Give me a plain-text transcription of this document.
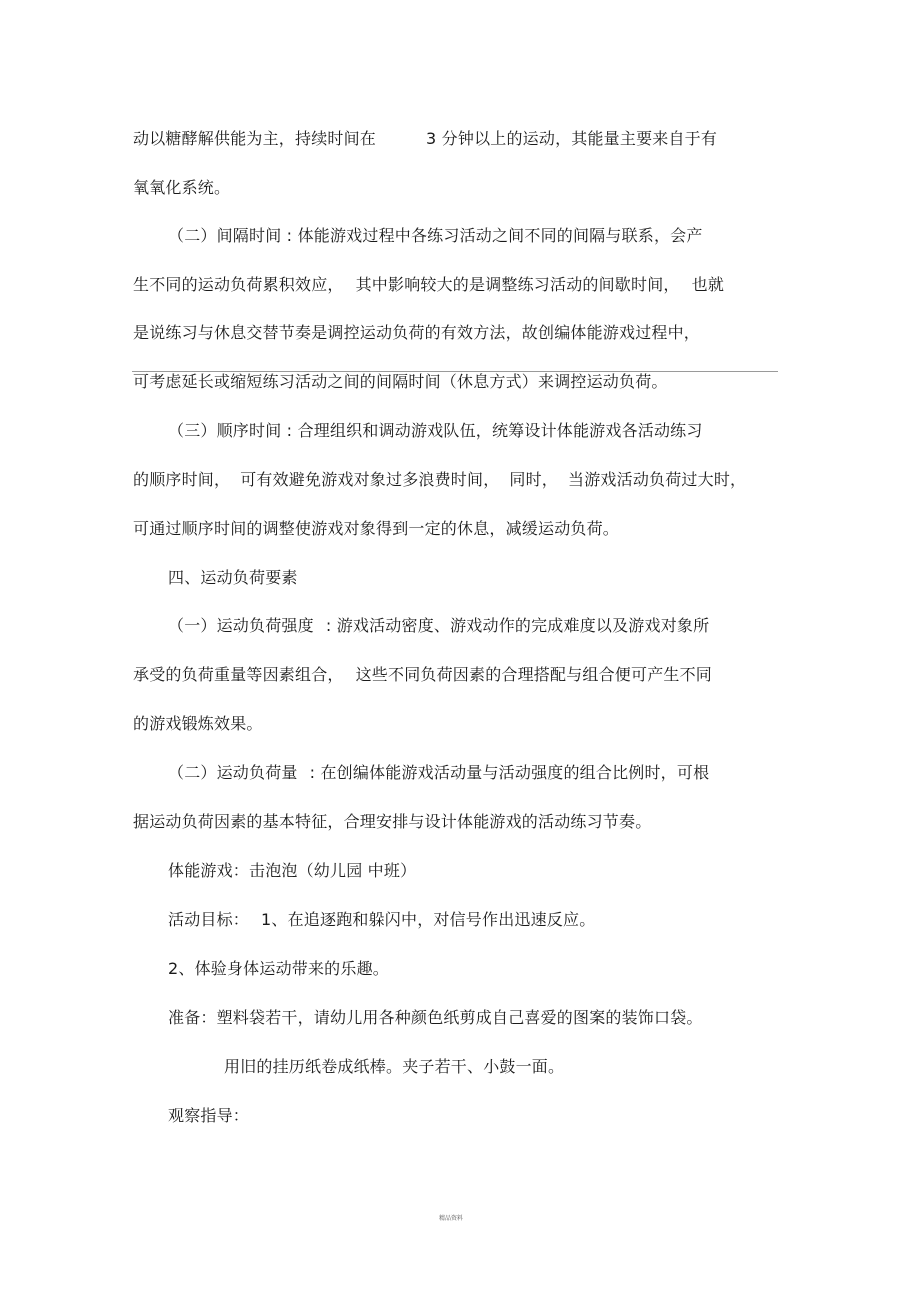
动以糖酵解供能为主，持续时间在	3 分钟以上的运动，其能量主要来自于有
氧氧化系统。
（二）间隔时间 : 体能游戏过程中各练习活动之间不同的间隔与联系，会产
生不同的运动负荷累积效应， 其中影响较大的是调整练习活动的间歇时间， 也就
是说练习与休息交替节奏是调控运动负荷的有效方法，故创编体能游戏过程中，
可考虑延长或缩短练习活动之间的间隔时间（休息方式）来调控运动负荷。
（三）顺序时间 : 合理组织和调动游戏队伍，统筹设计体能游戏各活动练习
的顺序时间， 可有效避免游戏对象过多浪费时间， 同时， 当游戏活动负荷过大时，
可通过顺序时间的调整使游戏对象得到一定的休息，减缓运动负荷。
四、运动负荷要素
（一）运动负荷强度 : 游戏活动密度、游戏动作的完成难度以及游戏对象所
承受的负荷重量等因素组合， 这些不同负荷因素的合理搭配与组合便可产生不同
的游戏锻炼效果。
（二）运动负荷量 : 在创编体能游戏活动量与活动强度的组合比例时，可根
据运动负荷因素的基本特征，合理安排与设计体能游戏的活动练习节奏。
体能游戏：击泡泡（幼儿园 中班）
活动目标： 1、在追逐跑和躲闪中，对信号作出迅速反应。
2、体验身体运动带来的乐趣。
准备：塑料袋若干，请幼儿用各种颜色纸剪成自己喜爱的图案的装饰口袋。
用旧的挂历纸卷成纸棒。夹子若干、小鼓一面。
观察指导：
精品资料
